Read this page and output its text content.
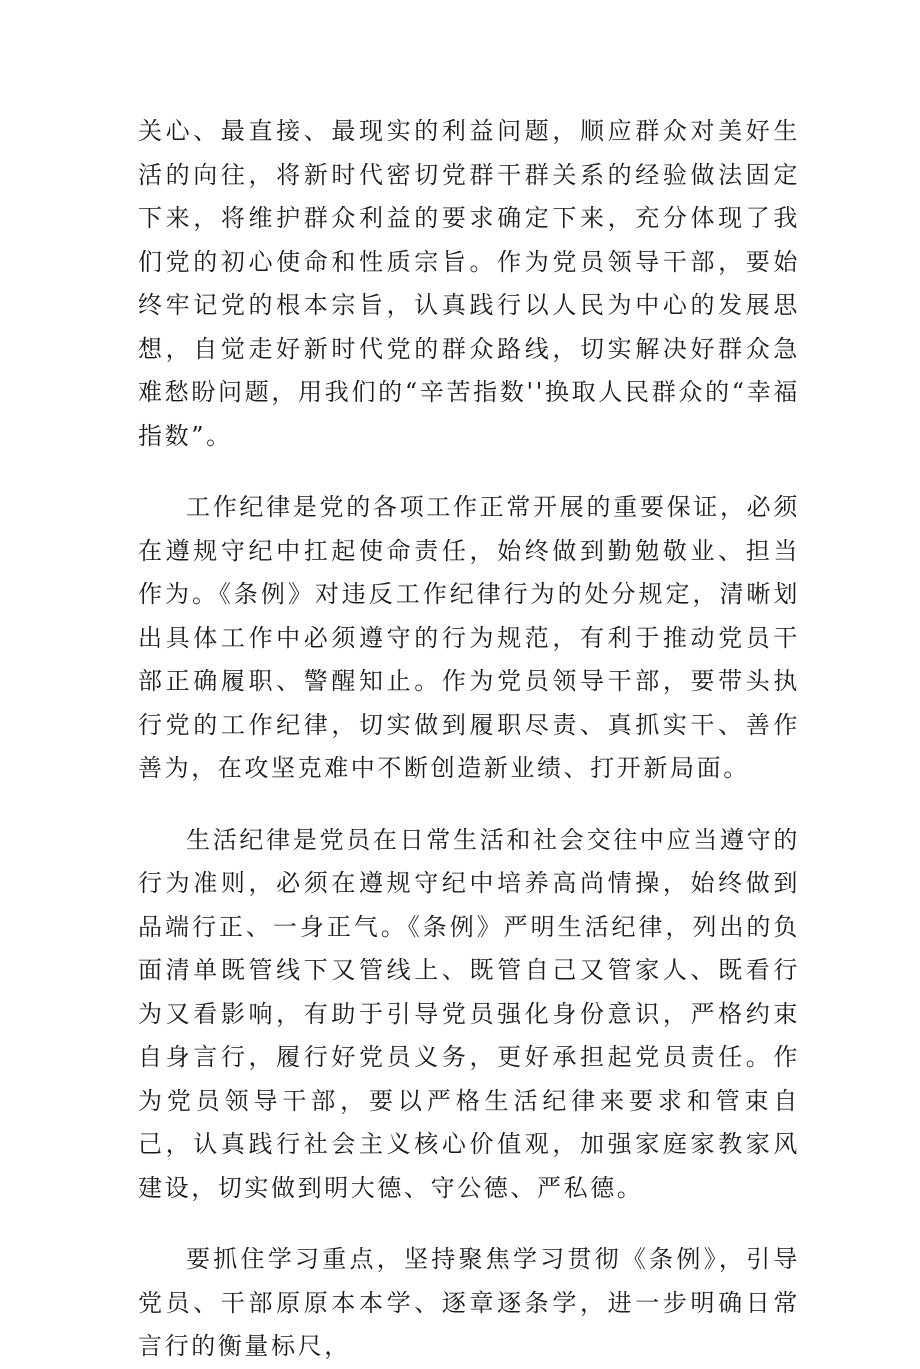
关心、最直接、最现实的利益问题，顺应群众对美好生活的向往，将新时代密切党群干群关系的经验做法固定下来，将维护群众利益的要求确定下来，充分体现了我们党的初心使命和性质宗旨。作为党员领导干部，要始终牢记党的根本宗旨，认真践行以人民为中心的发展思想，自觉走好新时代党的群众路线，切实解决好群众急难愁盼问题，用我们的“辛苦指数''换取人民群众的“幸福指数”。

工作纪律是党的各项工作正常开展的重要保证，必须在遵规守纪中扛起使命责任，始终做到勤勉敬业、担当作为。《条例》对违反工作纪律行为的处分规定，清晰划出具体工作中必须遵守的行为规范，有利于推动党员干部正确履职、警醒知止。作为党员领导干部，要带头执行党的工作纪律，切实做到履职尽责、真抓实干、善作善为，在攻坚克难中不断创造新业绩、打开新局面。

生活纪律是党员在日常生活和社会交往中应当遵守的行为准则，必须在遵规守纪中培养高尚情操，始终做到品端行正、一身正气。《条例》严明生活纪律，列出的负面清单既管线下又管线上、既管自己又管家人、既看行为又看影响，有助于引导党员强化身份意识，严格约束自身言行，履行好党员义务，更好承担起党员责任。作为党员领导干部，要以严格生活纪律来要求和管束自己，认真践行社会主义核心价值观，加强家庭家教家风建设，切实做到明大德、守公德、严私德。

要抓住学习重点，坚持聚焦学习贯彻《条例》，引导党员、干部原原本本学、逐章逐条学，进一步明确日常言行的衡量标尺，
